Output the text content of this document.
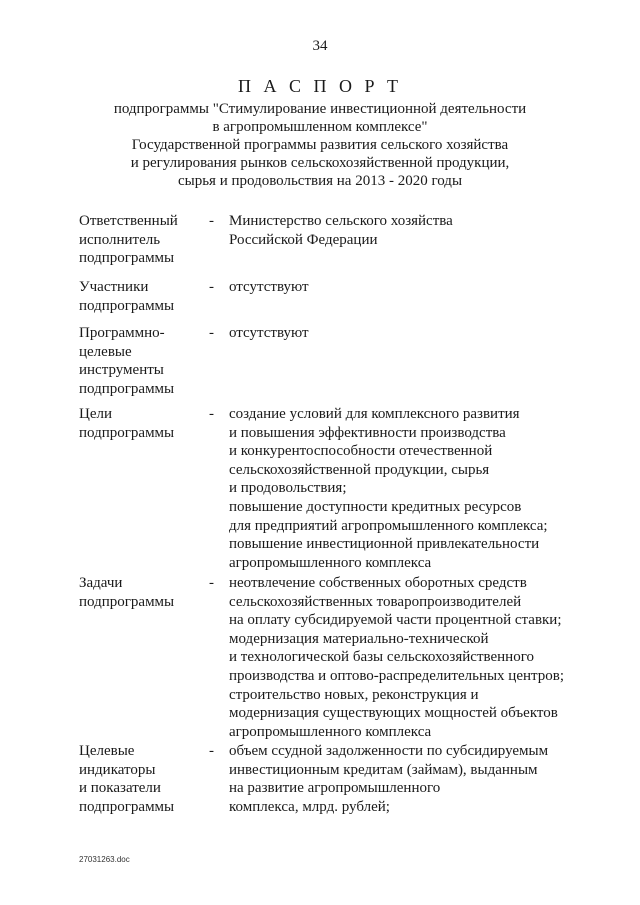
34
П А С П О Р Т
подпрограммы "Стимулирование инвестиционной деятельности
в агропромышленном комплексе"
Государственной программы развития сельского хозяйства
и регулирования рынков сельскохозяйственной продукции,
сырья и продовольствия на 2013 - 2020 годы
Ответственный
исполнитель
подпрограммы
- Министерство сельского хозяйства
Российской Федерации
Участники
подпрограммы
- отсутствуют
Программно-
целевые
инструменты
подпрограммы
- отсутствуют
Цели
подпрограммы
- создание условий для комплексного развития
и повышения эффективности производства
и конкурентоспособности отечественной
сельскохозяйственной продукции, сырья
и продовольствия;
повышение доступности кредитных ресурсов
для предприятий агропромышленного комплекса;
повышение инвестиционной привлекательности
агропромышленного комплекса
Задачи
подпрограммы
- неотвлечение собственных оборотных средств
сельскохозяйственных товаропроизводителей
на оплату субсидируемой части процентной ставки;
модернизация материально-технической
и технологической базы сельскохозяйственного
производства и оптово-распределительных центров;
строительство новых, реконструкция и
модернизация существующих мощностей объектов
агропромышленного комплекса
Целевые
индикаторы
и показатели
подпрограммы
- объем ссудной задолженности по субсидируемым
инвестиционным кредитам (займам), выданным
на развитие агропромышленного
комплекса, млрд. рублей;
27031263.doc
